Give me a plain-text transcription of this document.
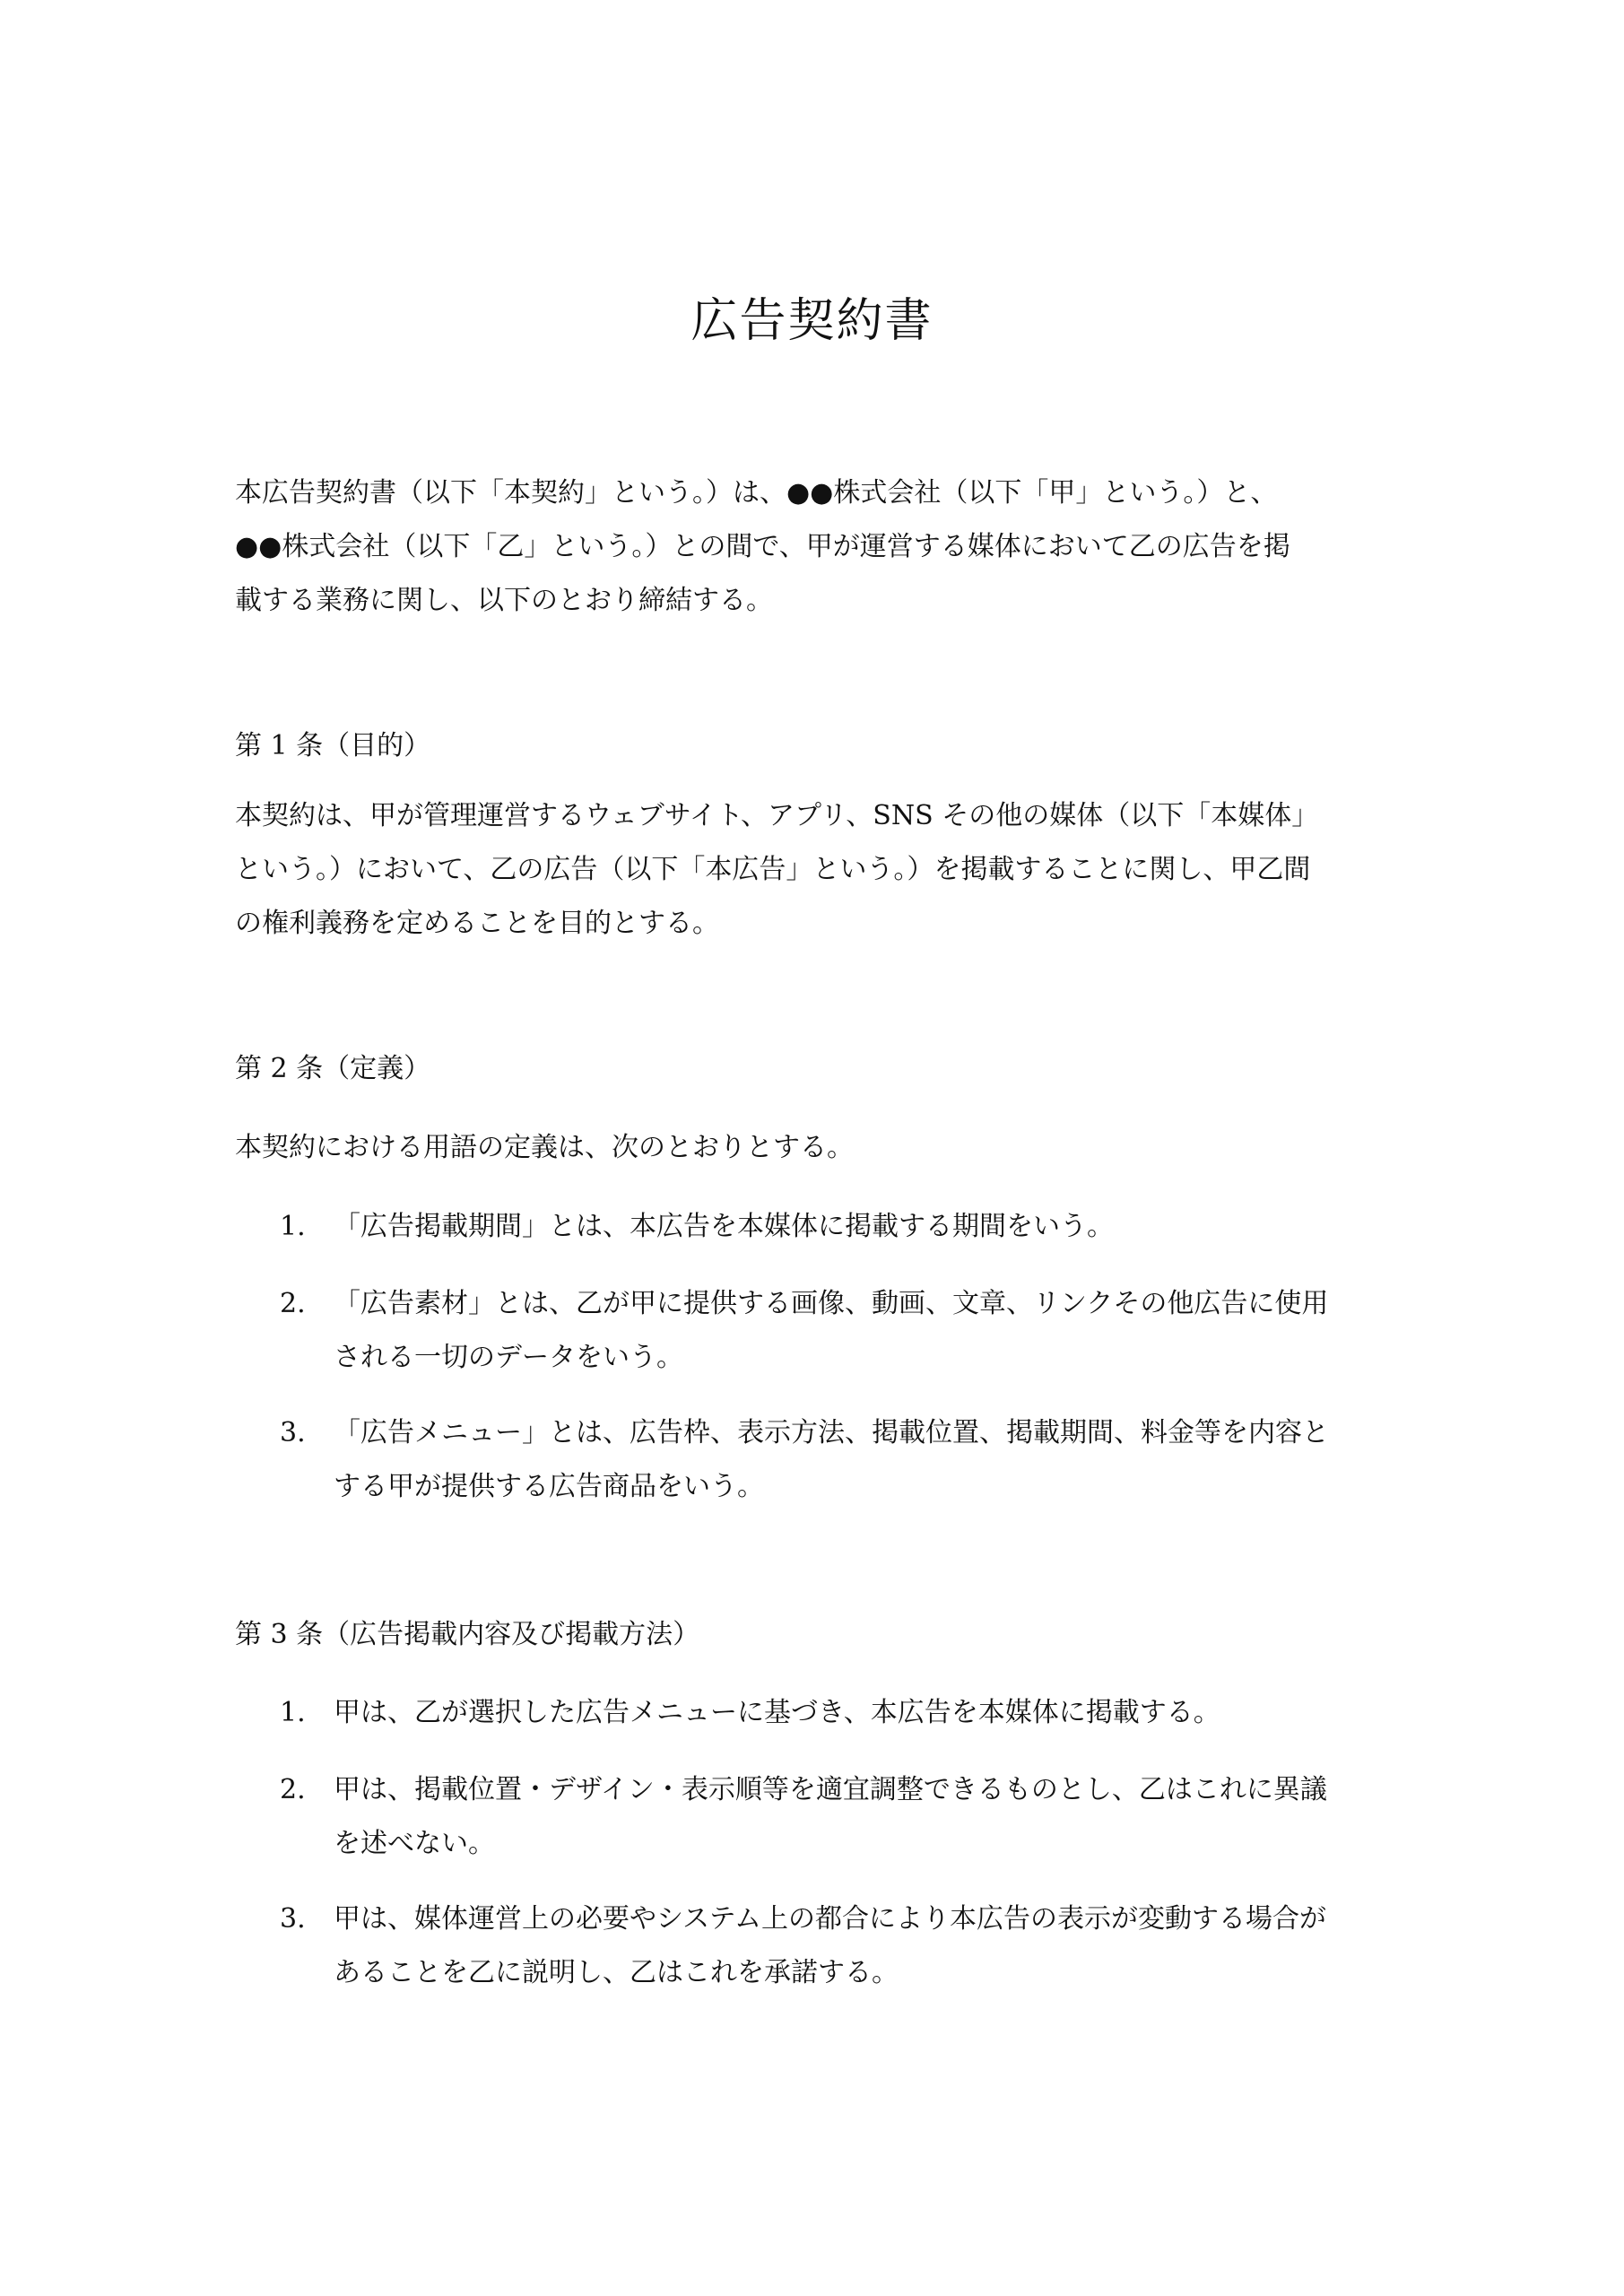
広告契約書
本広告契約書（以下「本契約」という。）は、●●株式会社（以下「甲」という。）と、
●●株式会社（以下「乙」という。）との間で、甲が運営する媒体において乙の広告を掲
載する業務に関し、以下のとおり締結する。
第 1 条（目的）
本契約は、甲が管理運営するウェブサイト、アプリ、SNS その他の媒体（以下「本媒体」
という。）において、乙の広告（以下「本広告」という。）を掲載することに関し、甲乙間
の権利義務を定めることを目的とする。
第 2 条（定義）
本契約における用語の定義は、次のとおりとする。
1.	「広告掲載期間」とは、本広告を本媒体に掲載する期間をいう。
2.	「広告素材」とは、乙が甲に提供する画像、動画、文章、リンクその他広告に使用
される一切のデータをいう。
3.	「広告メニュー」とは、広告枠、表示方法、掲載位置、掲載期間、料金等を内容と
する甲が提供する広告商品をいう。
第 3 条（広告掲載内容及び掲載方法）
1.	甲は、乙が選択した広告メニューに基づき、本広告を本媒体に掲載する。
2.	甲は、掲載位置・デザイン・表示順等を適宜調整できるものとし、乙はこれに異議
を述べない。
3.	甲は、媒体運営上の必要やシステム上の都合により本広告の表示が変動する場合が
あることを乙に説明し、乙はこれを承諾する。
